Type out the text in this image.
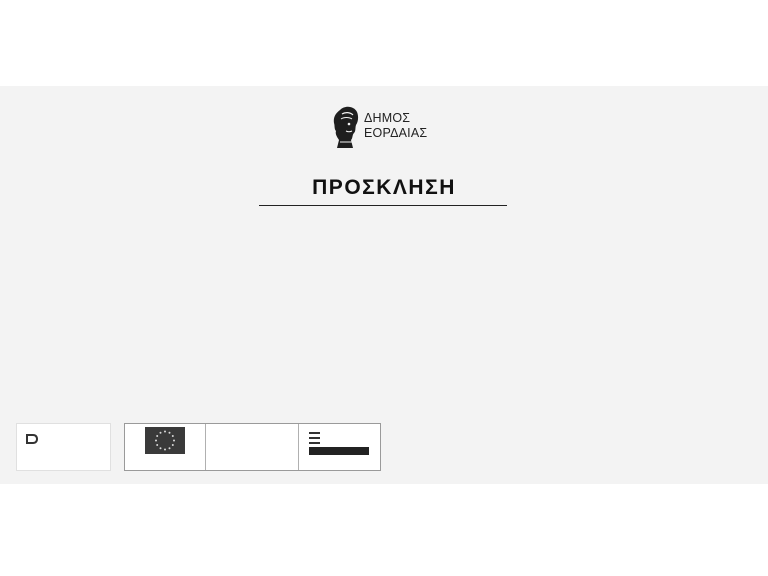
ΔΗΜΟΣ
ΕΟΡΔΑΙΑΣ
ΠΡΟΣΚΛΗΣΗ
